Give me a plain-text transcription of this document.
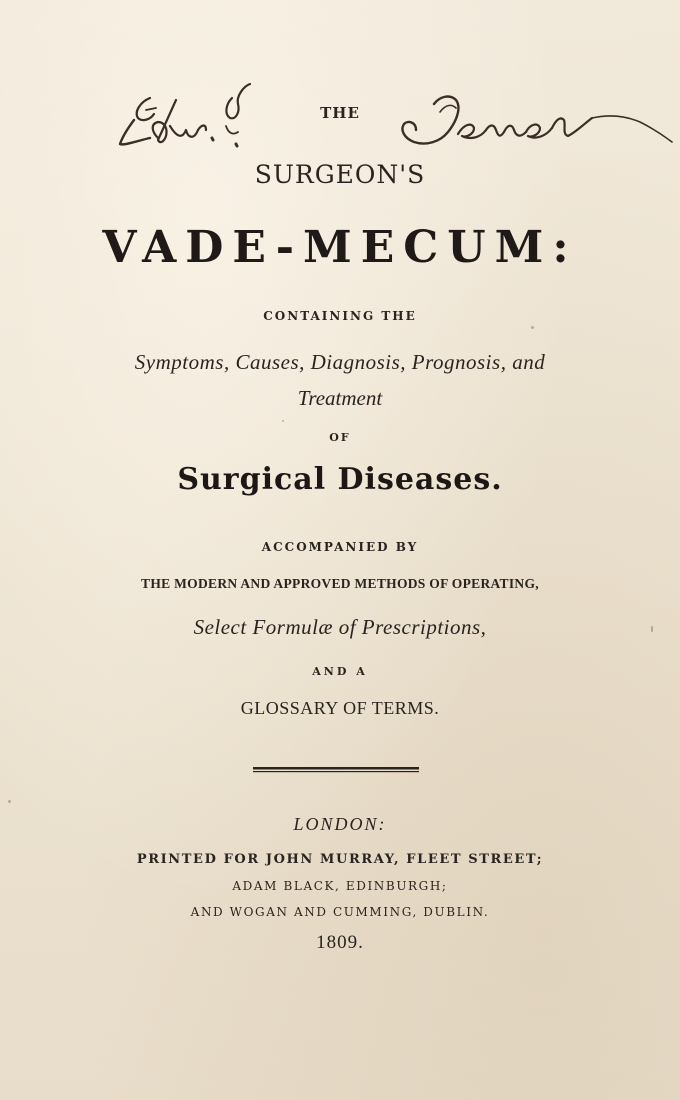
THE
SURGEON'S
VADE-MECUM:
CONTAINING THE
Symptoms, Causes, Diagnosis, Prognosis, and
Treatment
OF
Surgical Diseases.
ACCOMPANIED BY
THE MODERN AND APPROVED METHODS OF OPERATING,
Select Formulæ of Prescriptions,
AND A
GLOSSARY OF TERMS.
LONDON:
PRINTED FOR JOHN MURRAY, FLEET STREET;
ADAM BLACK, EDINBURGH;
AND WOGAN AND CUMMING, DUBLIN.
1809.
